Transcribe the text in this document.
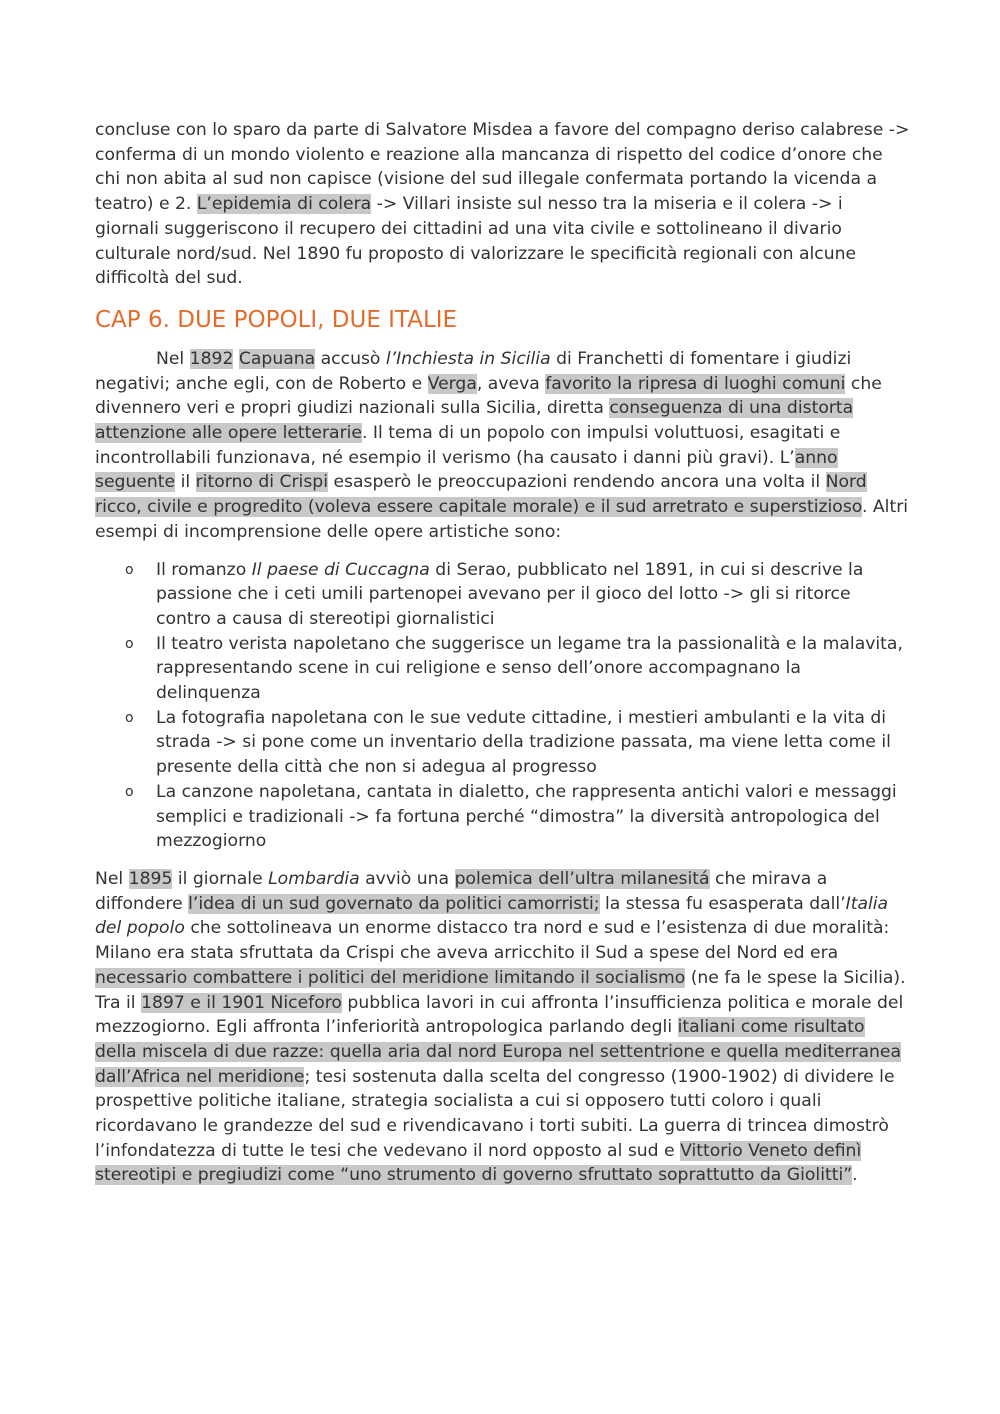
concluse con lo sparo da parte di Salvatore Misdea a favore del compagno deriso calabrese -> conferma di un mondo violento e reazione alla mancanza di rispetto del codice d’onore che chi non abita al sud non capisce (visione del sud illegale confermata portando la vicenda a teatro) e 2. L’epidemia di colera -> Villari insiste sul nesso tra la miseria e il colera -> i giornali suggeriscono il recupero dei cittadini ad una vita civile e sottolineano il divario culturale nord/sud. Nel 1890 fu proposto di valorizzare le specificità regionali con alcune difficoltà del sud.

CAP 6. DUE POPOLI, DUE ITALIE

Nel 1892 Capuana accusò l’Inchiesta in Sicilia di Franchetti di fomentare i giudizi negativi; anche egli, con de Roberto e Verga, aveva favorito la ripresa di luoghi comuni che divennero veri e propri giudizi nazionali sulla Sicilia, diretta conseguenza di una distorta attenzione alle opere letterarie. Il tema di un popolo con impulsi voluttuosi, esagitati e incontrollabili funzionava, né esempio il verismo (ha causato i danni più gravi). L’anno seguente il ritorno di Crispi esasperò le preoccupazioni rendendo ancora una volta il Nord ricco, civile e progredito (voleva essere capitale morale) e il sud arretrato e superstizioso. Altri esempi di incomprensione delle opere artistiche sono:

o Il romanzo Il paese di Cuccagna di Serao, pubblicato nel 1891, in cui si descrive la passione che i ceti umili partenopei avevano per il gioco del lotto -> gli si ritorce contro a causa di stereotipi giornalistici
o Il teatro verista napoletano che suggerisce un legame tra la passionalità e la malavita, rappresentando scene in cui religione e senso dell’onore accompagnano la delinquenza
o La fotografia napoletana con le sue vedute cittadine, i mestieri ambulanti e la vita di strada -> si pone come un inventario della tradizione passata, ma viene letta come il presente della città che non si adegua al progresso
o La canzone napoletana, cantata in dialetto, che rappresenta antichi valori e messaggi semplici e tradizionali -> fa fortuna perché “dimostra” la diversità antropologica del mezzogiorno

Nel 1895 il giornale Lombardia avviò una polemica dell’ultra milanesitá che mirava a diffondere l’idea di un sud governato da politici camorristi; la stessa fu esasperata dall’Italia del popolo che sottolineava un enorme distacco tra nord e sud e l’esistenza di due moralità: Milano era stata sfruttata da Crispi che aveva arricchito il Sud a spese del Nord ed era necessario combattere i politici del meridione limitando il socialismo (ne fa le spese la Sicilia).

Tra il 1897 e il 1901 Niceforo pubblica lavori in cui affronta l’insufficienza politica e morale del mezzogiorno. Egli affronta l’inferiorità antropologica parlando degli italiani come risultato della miscela di due razze: quella aria dal nord Europa nel settentrione e quella mediterranea dall’Africa nel meridione; tesi sostenuta dalla scelta del congresso (1900-1902) di dividere le prospettive politiche italiane, strategia socialista a cui si opposero tutti coloro i quali ricordavano le grandezze del sud e rivendicavano i torti subiti. La guerra di trincea dimostrò l’infondatezza di tutte le tesi che vedevano il nord opposto al sud e Vittorio Veneto definì stereotipi e pregiudizi come “uno strumento di governo sfruttato soprattutto da Giolitti”.
